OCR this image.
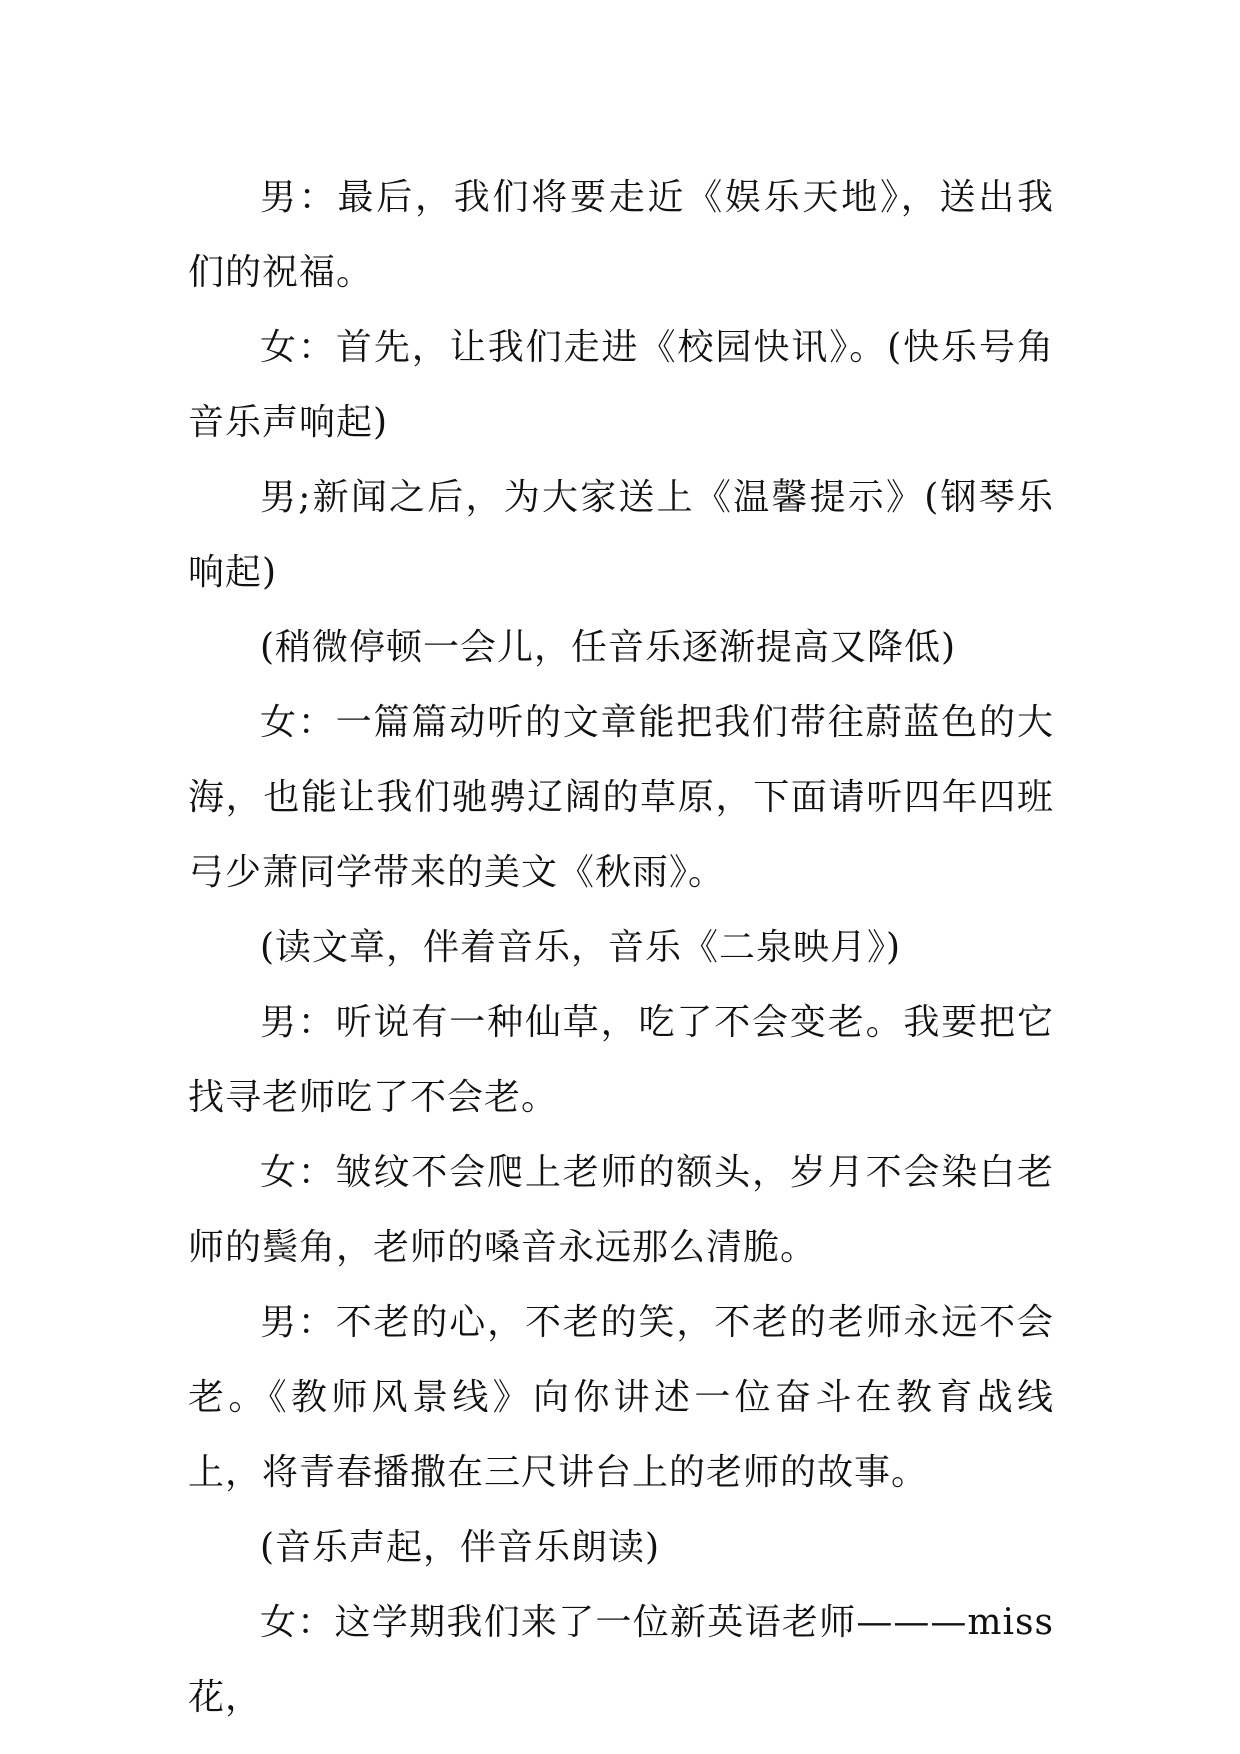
男：最后，我们将要走近《娱乐天地》，送出我们的祝福。

女：首先，让我们走进《校园快讯》。(快乐号角音乐声响起)

男;新闻之后，为大家送上《温馨提示》(钢琴乐响起)

(稍微停顿一会儿，任音乐逐渐提高又降低)

女：一篇篇动听的文章能把我们带往蔚蓝色的大海，也能让我们驰骋辽阔的草原，下面请听四年四班弓少萧同学带来的美文《秋雨》。

(读文章，伴着音乐，音乐《二泉映月》)

男：听说有一种仙草，吃了不会变老。我要把它找寻老师吃了不会老。

女：皱纹不会爬上老师的额头，岁月不会染白老师的鬓角，老师的嗓音永远那么清脆。

男：不老的心，不老的笑，不老的老师永远不会老。《教师风景线》向你讲述一位奋斗在教育战线上，将青春播撒在三尺讲台上的老师的故事。

(音乐声起，伴音乐朗读)

女：这学期我们来了一位新英语老师———miss花，
